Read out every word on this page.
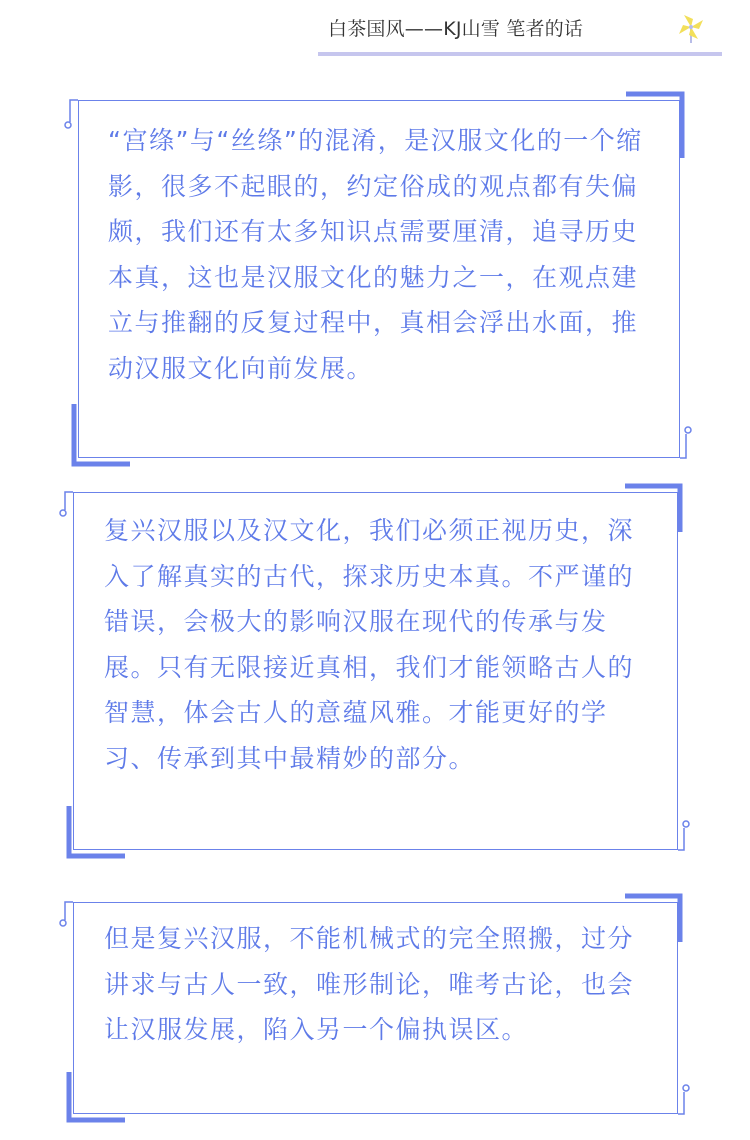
白茶国风——KJ山雪 笔者的话
“宫绦”与“丝绦”的混淆，是汉服文化的一个缩影，很多不起眼的，约定俗成的观点都有失偏颇，我们还有太多知识点需要厘清，追寻历史本真，这也是汉服文化的魅力之一，在观点建立与推翻的反复过程中，真相会浮出水面，推动汉服文化向前发展。
复兴汉服以及汉文化，我们必须正视历史，深入了解真实的古代，探求历史本真。不严谨的错误，会极大的影响汉服在现代的传承与发展。只有无限接近真相，我们才能领略古人的智慧，体会古人的意蕴风雅。才能更好的学习、传承到其中最精妙的部分。
但是复兴汉服，不能机械式的完全照搬，过分讲求与古人一致，唯形制论，唯考古论，也会让汉服发展，陷入另一个偏执误区。
